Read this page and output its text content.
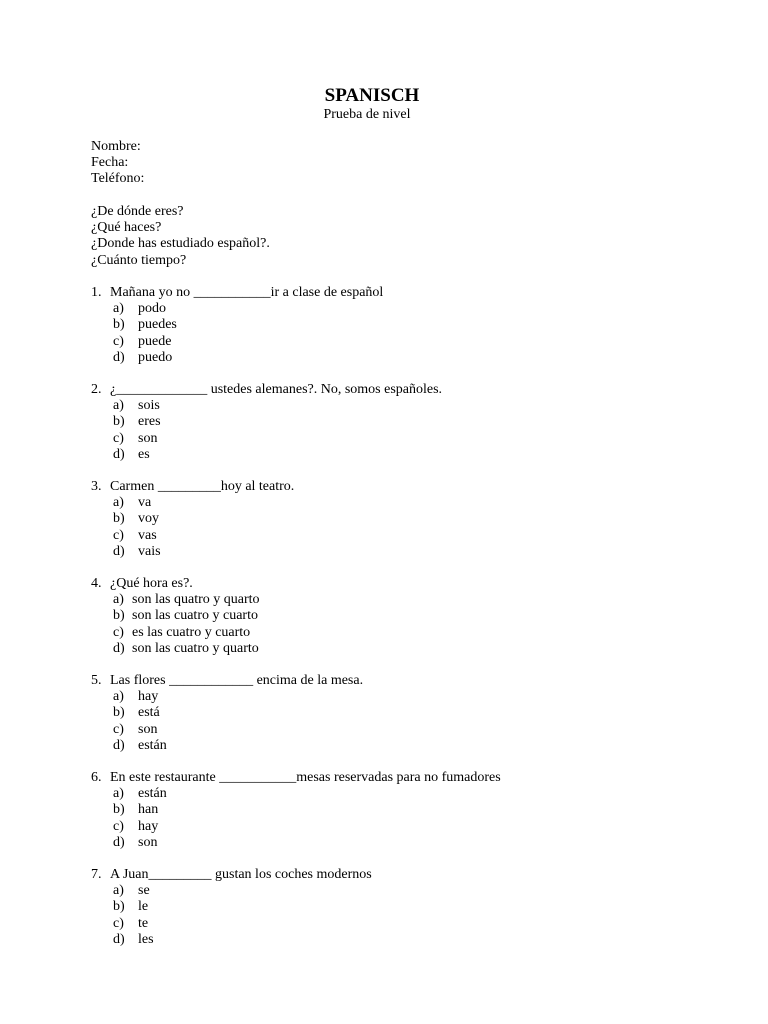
SPANISCH
Prueba de nivel
Nombre:
Fecha:
Teléfono:
¿De dónde eres?
¿Qué haces?
¿Donde has estudiado español?.
¿Cuánto tiempo?
1. Mañana yo no ___________ir a clase de español
a)	podo
b) puedes
c)	puede
d) puedo
2. ¿_____________ ustedes alemanes?. No, somos españoles.
a)	sois
b) eres
c)	son
d) es
3. Carmen _________hoy al teatro.
a)	va
b) voy
c)	vas
d) vais
4. ¿Qué hora es?.
a) son las quatro y quarto
b) son las cuatro y cuarto
c) es las cuatro y cuarto
d) son las cuatro y quarto
5. Las flores ____________ encima de la mesa.
a)	hay
b) está
c)	son
d) están
6. En este restaurante ___________mesas reservadas para no fumadores
a)	están
b) han
c)	hay
d) son
7. A Juan_________ gustan los coches modernos
a)	se
b) le
c)	te
d) les
